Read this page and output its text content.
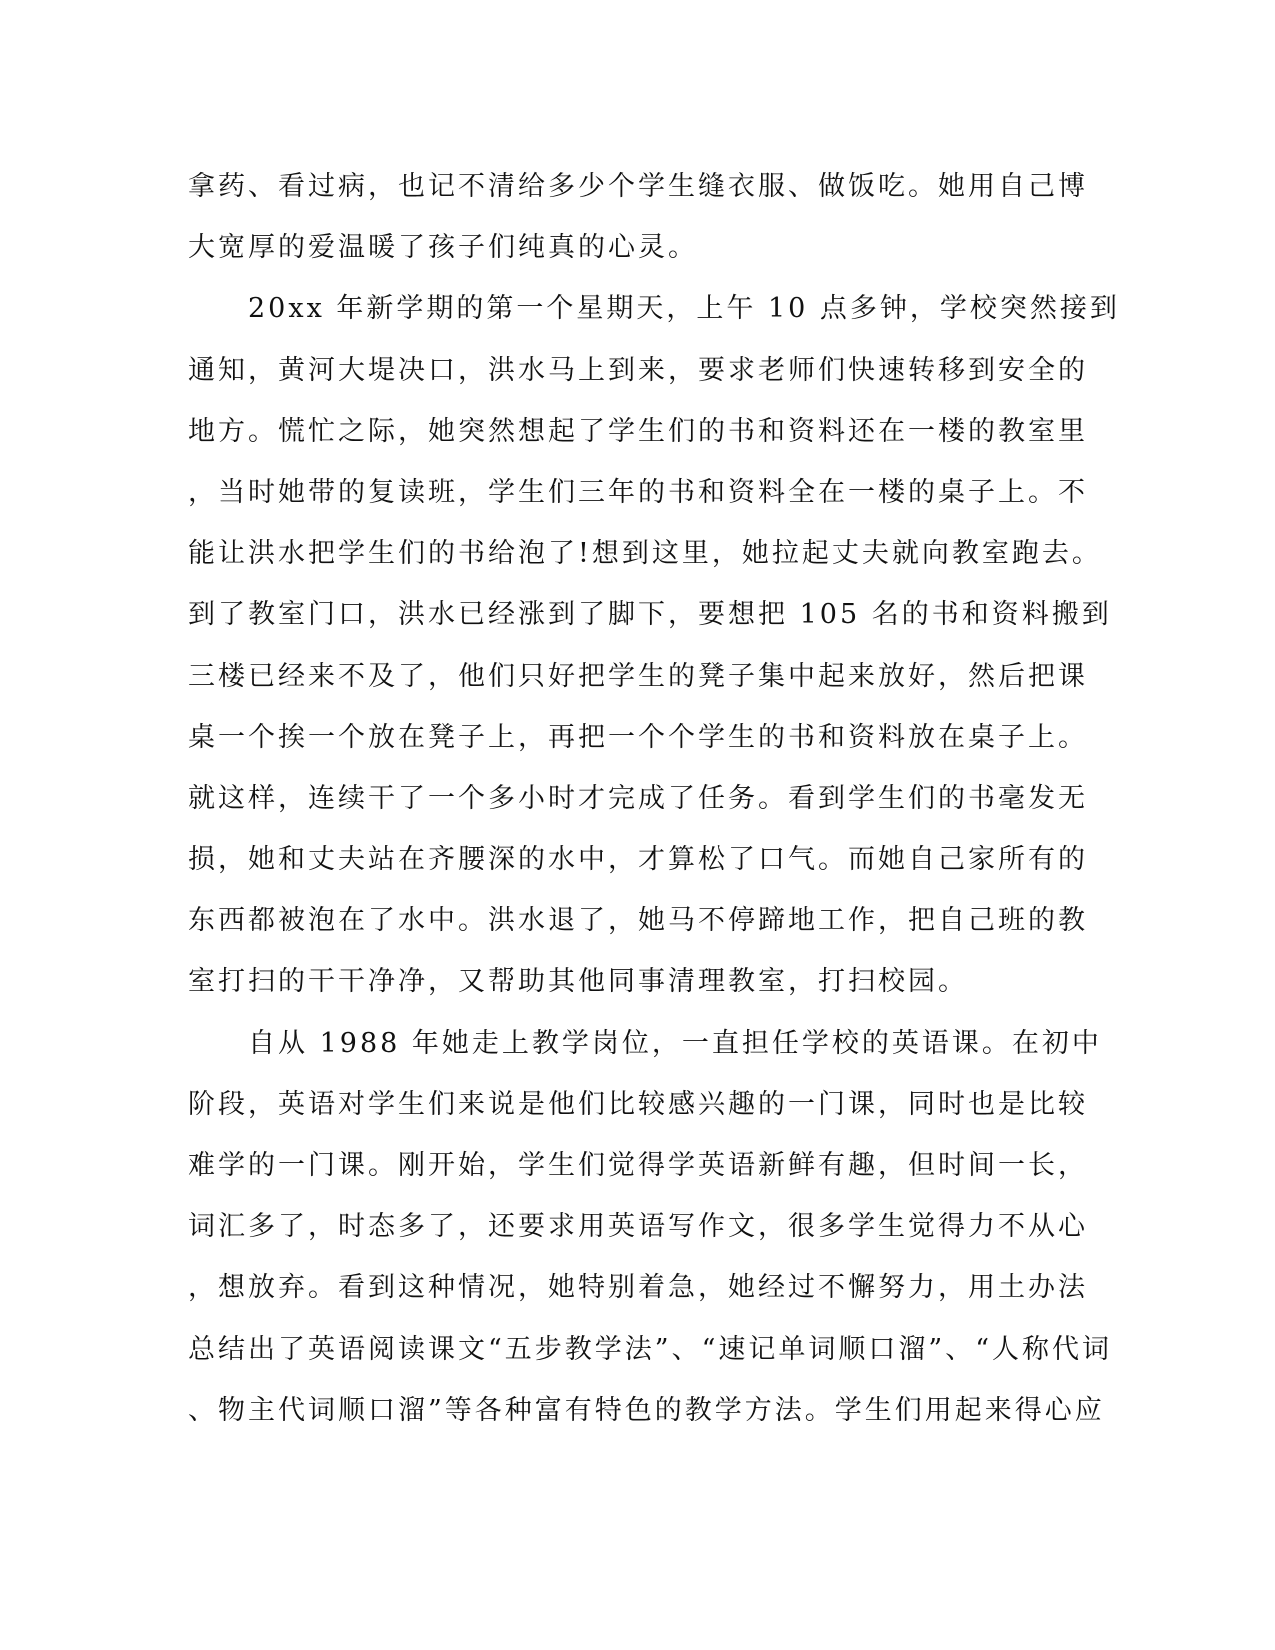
拿药、看过病，也记不清给多少个学生缝衣服、做饭吃。她用自己博
大宽厚的爱温暖了孩子们纯真的心灵。
　　20xx 年新学期的第一个星期天，上午 10 点多钟，学校突然接到
通知，黄河大堤决口，洪水马上到来，要求老师们快速转移到安全的
地方。慌忙之际，她突然想起了学生们的书和资料还在一楼的教室里
，当时她带的复读班，学生们三年的书和资料全在一楼的桌子上。不
能让洪水把学生们的书给泡了!想到这里，她拉起丈夫就向教室跑去。
到了教室门口，洪水已经涨到了脚下，要想把 105 名的书和资料搬到
三楼已经来不及了，他们只好把学生的凳子集中起来放好，然后把课
桌一个挨一个放在凳子上，再把一个个学生的书和资料放在桌子上。
就这样，连续干了一个多小时才完成了任务。看到学生们的书毫发无
损，她和丈夫站在齐腰深的水中，才算松了口气。而她自己家所有的
东西都被泡在了水中。洪水退了，她马不停蹄地工作，把自己班的教
室打扫的干干净净，又帮助其他同事清理教室，打扫校园。
　　自从 1988 年她走上教学岗位，一直担任学校的英语课。在初中
阶段，英语对学生们来说是他们比较感兴趣的一门课，同时也是比较
难学的一门课。刚开始，学生们觉得学英语新鲜有趣，但时间一长，
词汇多了，时态多了，还要求用英语写作文，很多学生觉得力不从心
，想放弃。看到这种情况，她特别着急，她经过不懈努力，用土办法
总结出了英语阅读课文“五步教学法”、“速记单词顺口溜”、“人称代词
、物主代词顺口溜”等各种富有特色的教学方法。学生们用起来得心应
